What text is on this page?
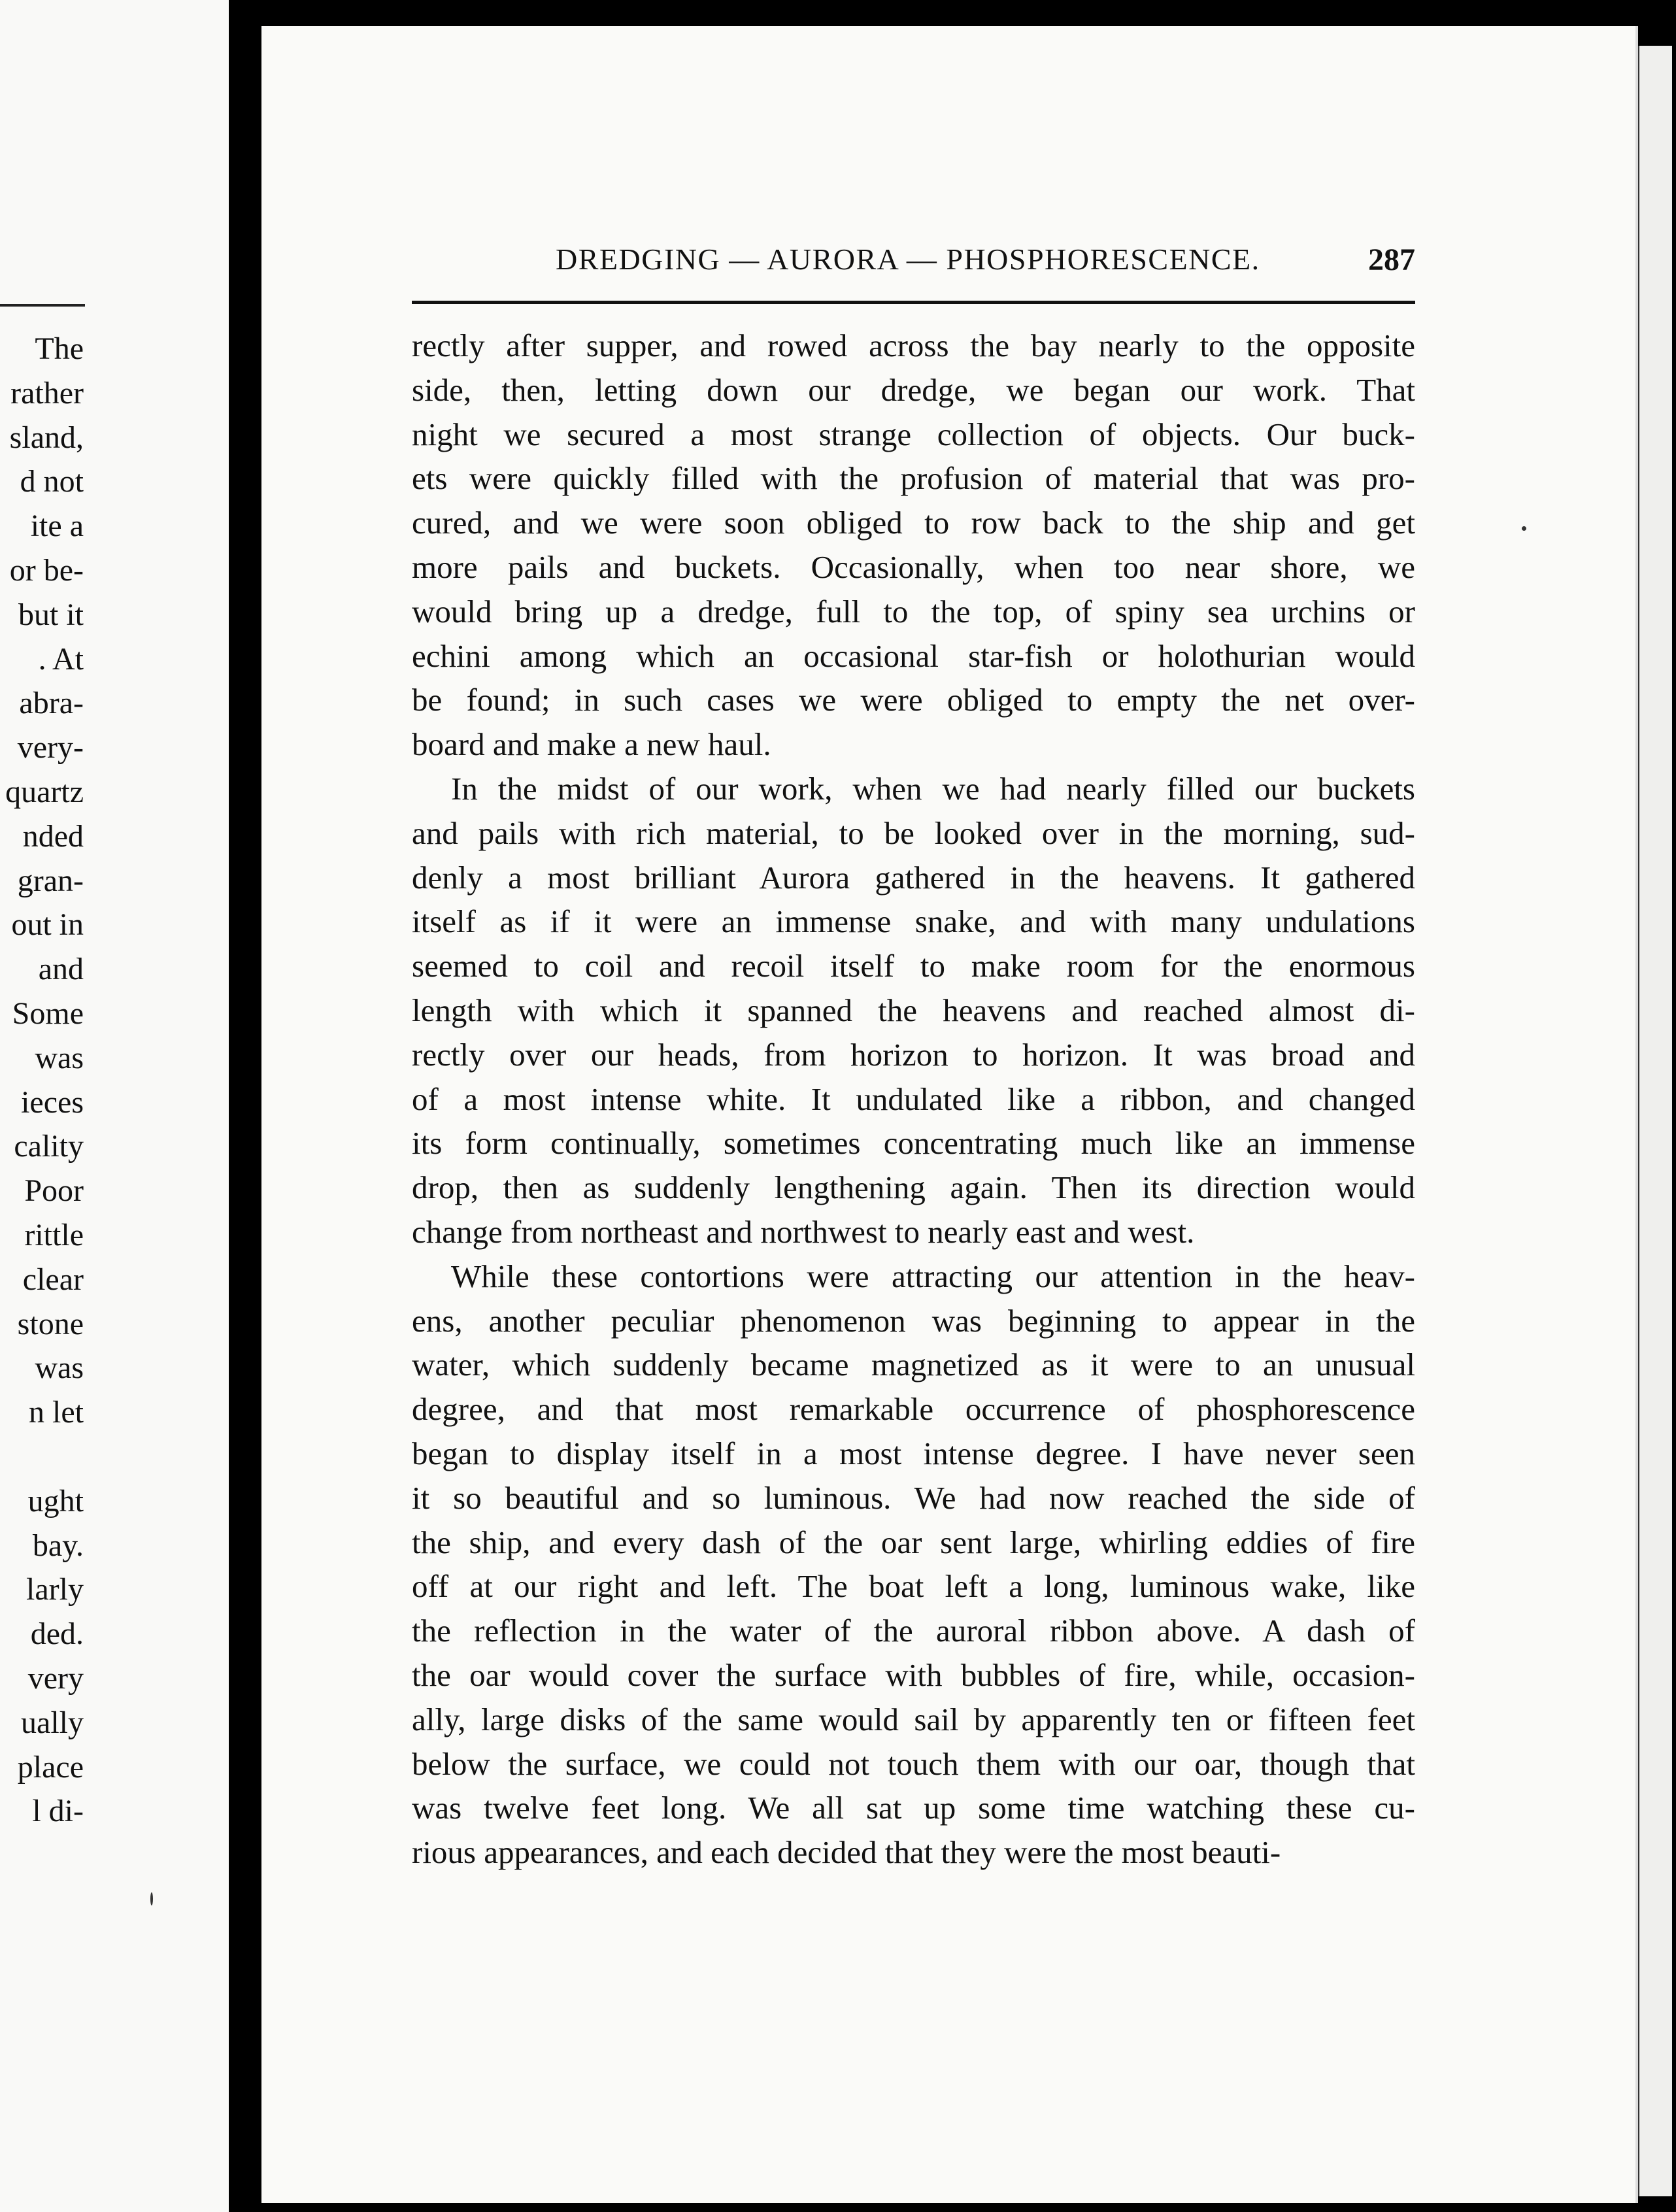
The
rather
sland,
d not
ite a
or be-
but it
. At
abra-
very-
quartz
nded
gran-
out in
and
Some
was
ieces
cality
Poor
rittle
clear
stone
was
n let
ught
bay.
larly
ded.
very
ually
place
l di-
DREDGING — AURORA — PHOSPHORESCENCE.	287
rectly after supper, and rowed across the bay nearly to the opposite
side, then, letting down our dredge, we began our work. That
night we secured a most strange collection of objects. Our buck-
ets were quickly filled with the profusion of material that was pro-
cured, and we were soon obliged to row back to the ship and get
more pails and buckets. Occasionally, when too near shore, we
would bring up a dredge, full to the top, of spiny sea urchins or
echini among which an occasional star-fish or holothurian would
be found; in such cases we were obliged to empty the net over-
board and make a new haul.
In the midst of our work, when we had nearly filled our buckets
and pails with rich material, to be looked over in the morning, sud-
denly a most brilliant Aurora gathered in the heavens. It gathered
itself as if it were an immense snake, and with many undulations
seemed to coil and recoil itself to make room for the enormous
length with which it spanned the heavens and reached almost di-
rectly over our heads, from horizon to horizon. It was broad and
of a most intense white. It undulated like a ribbon, and changed
its form continually, sometimes concentrating much like an immense
drop, then as suddenly lengthening again. Then its direction would
change from northeast and northwest to nearly east and west.
While these contortions were attracting our attention in the heav-
ens, another peculiar phenomenon was beginning to appear in the
water, which suddenly became magnetized as it were to an unusual
degree, and that most remarkable occurrence of phosphorescence
began to display itself in a most intense degree. I have never seen
it so beautiful and so luminous. We had now reached the side of
the ship, and every dash of the oar sent large, whirling eddies of fire
off at our right and left. The boat left a long, luminous wake, like
the reflection in the water of the auroral ribbon above. A dash of
the oar would cover the surface with bubbles of fire, while, occasion-
ally, large disks of the same would sail by apparently ten or fifteen feet
below the surface, we could not touch them with our oar, though that
was twelve feet long. We all sat up some time watching these cu-
rious appearances, and each decided that they were the most beauti-
